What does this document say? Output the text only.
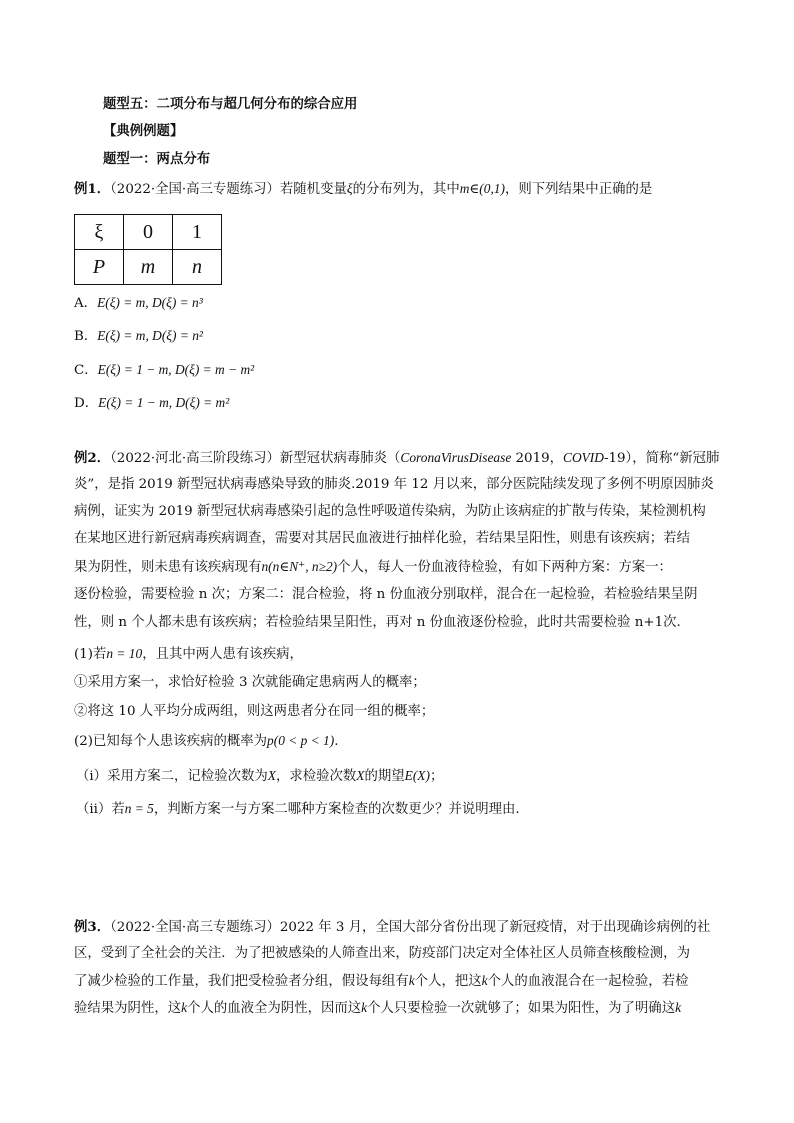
题型五：二项分布与超几何分布的综合应用
【典例例题】
题型一：两点分布
例1．（2022·全国·高三专题练习）若随机变量ξ的分布列为，其中m∈(0,1)，则下列结果中正确的是
ξ	0	1
P	m	n
A．E(ξ) = m, D(ξ) = n³
B．E(ξ) = m, D(ξ) = n²
C．E(ξ) = 1 − m, D(ξ) = m − m²
D．E(ξ) = 1 − m, D(ξ) = m²
例2．（2022·河北·高三阶段练习）新型冠状病毒肺炎（CoronaVirusDisease 2019，COVID-19），简称“新冠肺
炎”，是指 2019 新型冠状病毒感染导致的肺炎.2019 年 12 月以来，部分医院陆续发现了多例不明原因肺炎
病例，证实为 2019 新型冠状病毒感染引起的急性呼吸道传染病，为防止该病症的扩散与传染，某检测机构
在某地区进行新冠病毒疾病调查，需要对其居民血液进行抽样化验，若结果呈阳性，则患有该疾病；若结
果为阴性，则未患有该疾病现有n(n∈N⁺, n≥2)个人，每人一份血液待检验，有如下两种方案：方案一：
逐份检验，需要检验 n 次；方案二：混合检验，将 n 份血液分别取样，混合在一起检验，若检验结果呈阴
性，则 n 个人都未患有该疾病；若检验结果呈阳性，再对 n 份血液逐份检验，此时共需要检验 n+1次.
(1)若n = 10，且其中两人患有该疾病，
①采用方案一，求恰好检验 3 次就能确定患病两人的概率；
②将这 10 人平均分成两组，则这两患者分在同一组的概率；
(2)已知每个人患该疾病的概率为p(0 < p < 1).
（i）采用方案二，记检验次数为X，求检验次数X的期望E(X)；
（ii）若n = 5，判断方案一与方案二哪种方案检查的次数更少？并说明理由.
例3．（2022·全国·高三专题练习）2022 年 3 月，全国大部分省份出现了新冠疫情，对于出现确诊病例的社
区，受到了全社会的关注．为了把被感染的人筛查出来，防疫部门决定对全体社区人员筛查核酸检测，为
了减少检验的工作量，我们把受检验者分组，假设每组有k个人，把这k个人的血液混合在一起检验，若检
验结果为阴性，这k个人的血液全为阴性，因而这k个人只要检验一次就够了；如果为阳性，为了明确这k
